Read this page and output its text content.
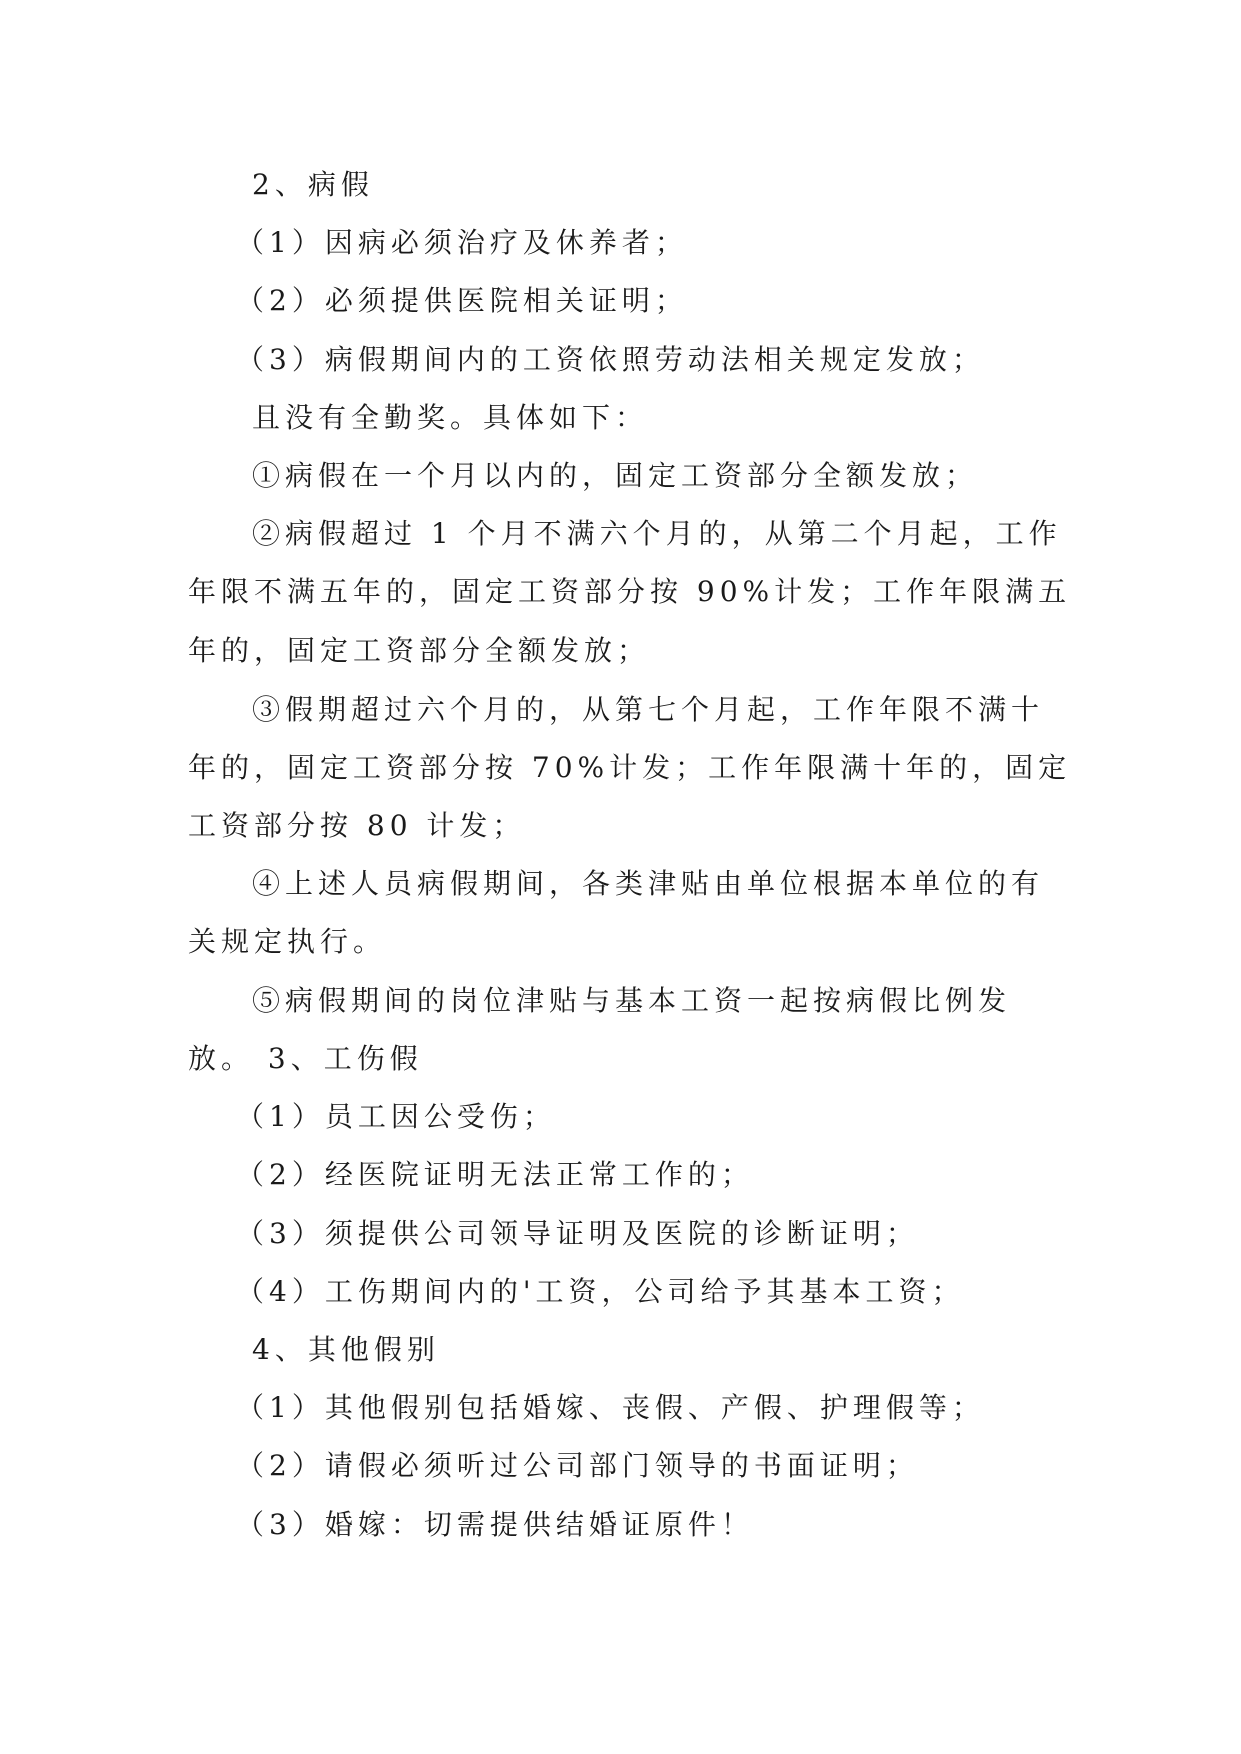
2、病假
（1）因病必须治疗及休养者；
（2）必须提供医院相关证明；
（3）病假期间内的工资依照劳动法相关规定发放；
且没有全勤奖。具体如下：
①病假在一个月以内的，固定工资部分全额发放；
②病假超过 1 个月不满六个月的，从第二个月起，工作
年限不满五年的，固定工资部分按 90%计发；工作年限满五
年的，固定工资部分全额发放；
③假期超过六个月的，从第七个月起，工作年限不满十
年的，固定工资部分按 70%计发；工作年限满十年的，固定
工资部分按 80 计发；
④上述人员病假期间，各类津贴由单位根据本单位的有
关规定执行。
⑤病假期间的岗位津贴与基本工资一起按病假比例发
放。 3、工伤假
（1）员工因公受伤；
（2）经医院证明无法正常工作的；
（3）须提供公司领导证明及医院的诊断证明；
（4）工伤期间内的'工资，公司给予其基本工资；
4、其他假别
（1）其他假别包括婚嫁、丧假、产假、护理假等；
（2）请假必须听过公司部门领导的书面证明；
（3）婚嫁：切需提供结婚证原件！
